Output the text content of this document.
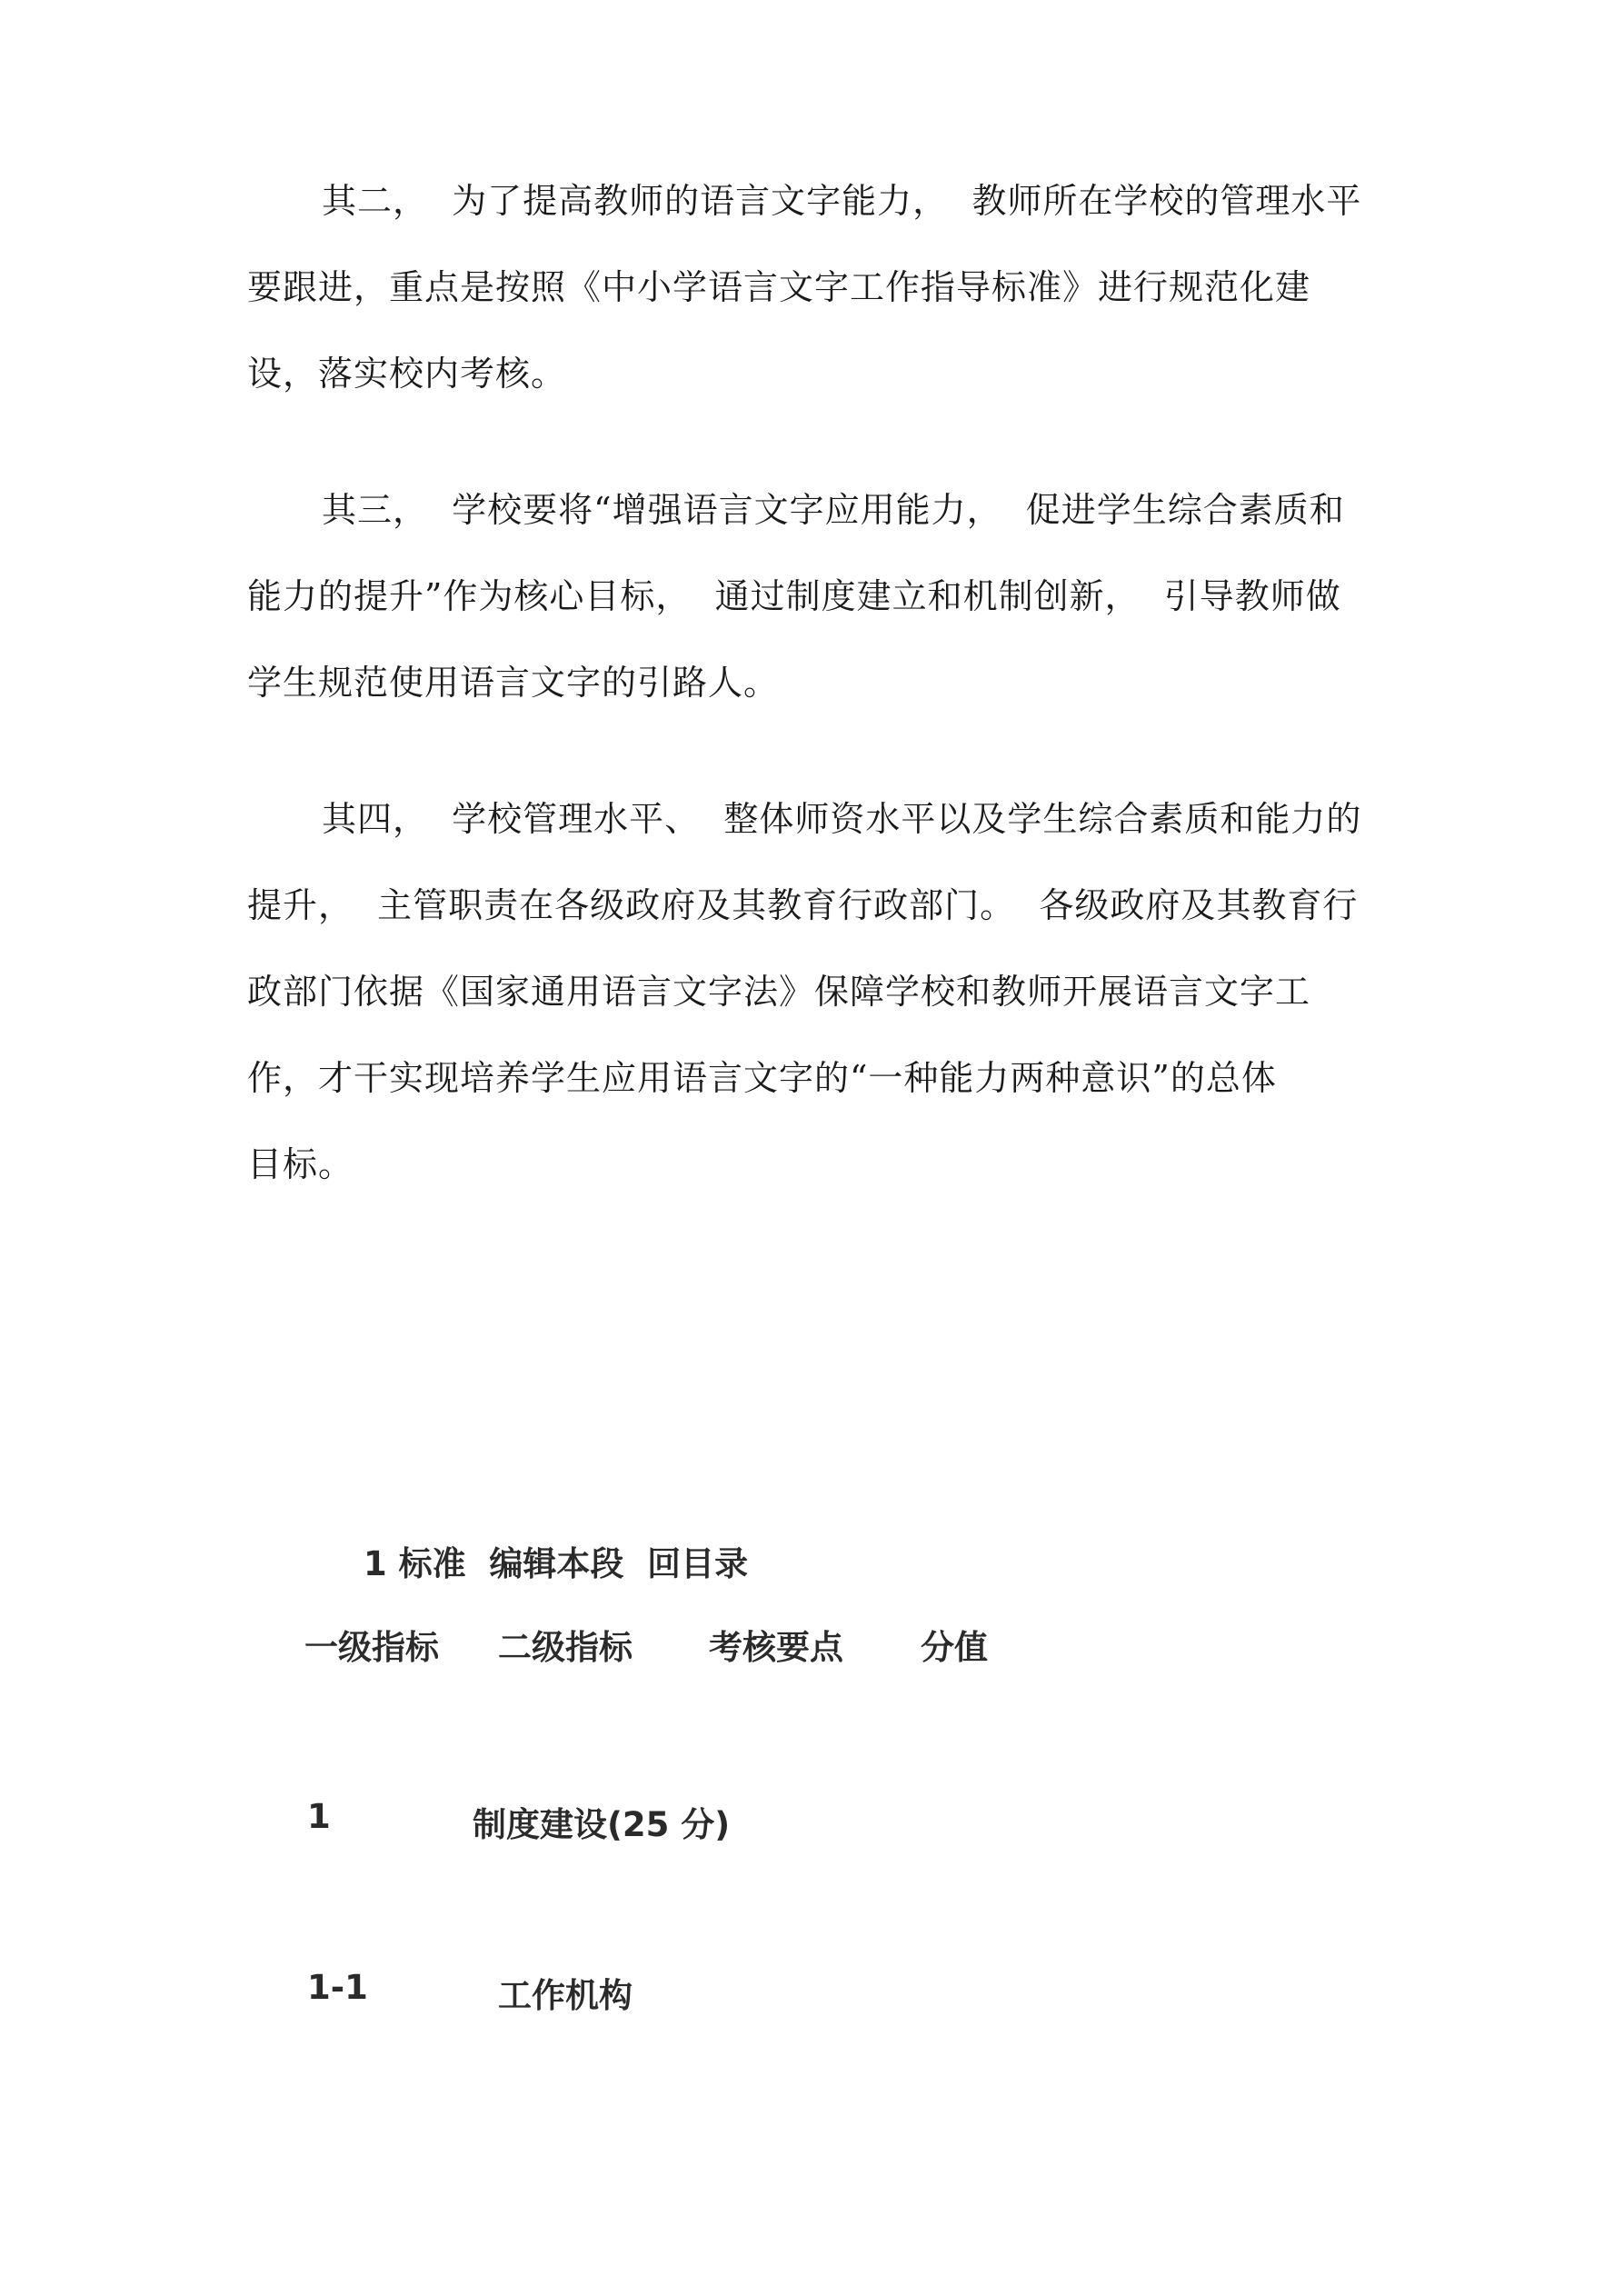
其二，  为了提高教师的语言文字能力，  教师所在学校的管理水平
要跟进，重点是按照《中小学语言文字工作指导标准》进行规范化建
设，落实校内考核。
其三，  学校要将“增强语言文字应用能力，  促进学生综合素质和
能力的提升”作为核心目标，  通过制度建立和机制创新，  引导教师做
学生规范使用语言文字的引路人。
其四，  学校管理水平、  整体师资水平以及学生综合素质和能力的
提升，  主管职责在各级政府及其教育行政部门。  各级政府及其教育行
政部门依据《国家通用语言文字法》保障学校和教师开展语言文字工
作，才干实现培养学生应用语言文字的“一种能力两种意识”的总体
目标。
1 标准  编辑本段  回目录
一级指标 二级指标 考核要点 分值
1	制度建设(25 分)
1-1	工作机构
